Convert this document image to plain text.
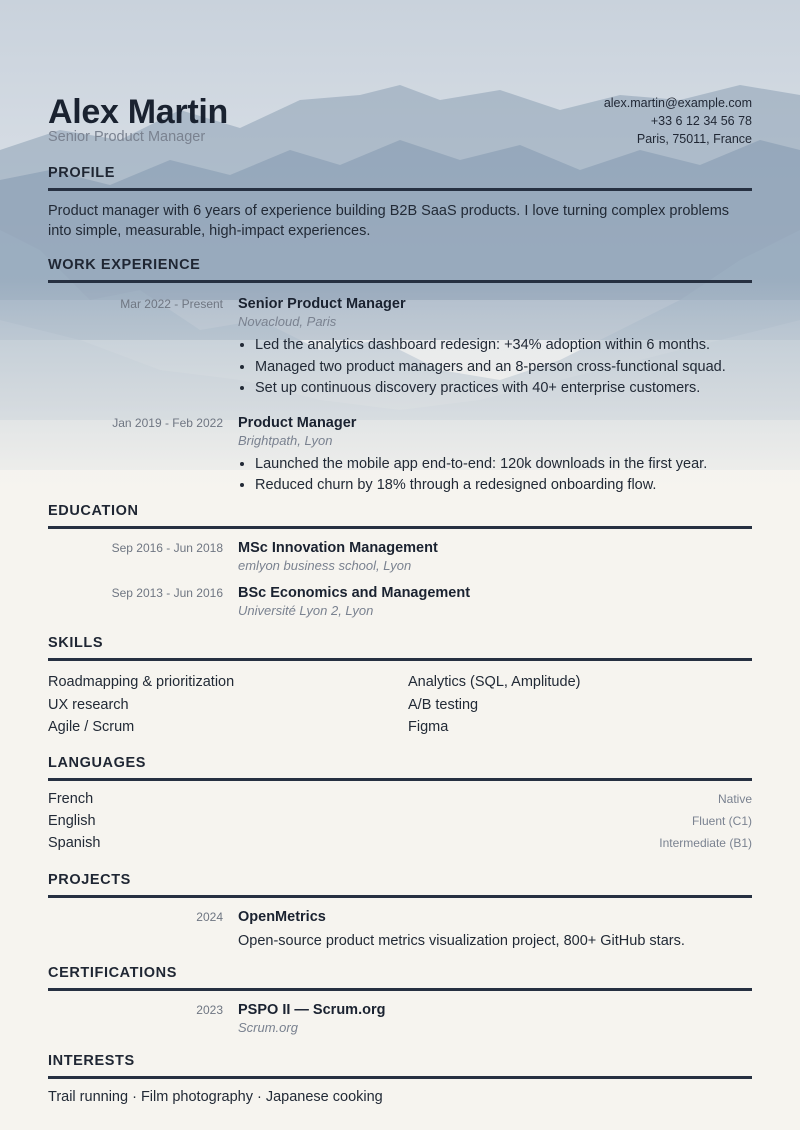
Alex Martin
Senior Product Manager
alex.martin@example.com
+33 6 12 34 56 78
Paris, 75011, France
PROFILE

Product manager with 6 years of experience building B2B SaaS products. I love turning complex problems into simple, measurable, high-impact experiences.

WORK EXPERIENCE
Mar 2022 - Present Senior Product Manager
Novacloud, Paris
• Led the analytics dashboard redesign: +34% adoption within 6 months.
• Managed two product managers and an 8-person cross-functional squad.
• Set up continuous discovery practices with 40+ enterprise customers.
Jan 2019 - Feb 2022 Product Manager
Brightpath, Lyon
• Launched the mobile app end-to-end: 120k downloads in the first year.
• Reduced churn by 18% through a redesigned onboarding flow.
EDUCATION
Sep 2016 - Jun 2018 MSc Innovation Management
emlyon business school, Lyon
Sep 2013 - Jun 2016 BSc Economics and Management
Université Lyon 2, Lyon
SKILLS
Roadmapping & prioritization	Analytics (SQL, Amplitude)
UX research	A/B testing
Agile / Scrum	Figma
LANGUAGES
French	Native
English	Fluent (C1)
Spanish	Intermediate (B1)
PROJECTS
2024 OpenMetrics
Open-source product metrics visualization project, 800+ GitHub stars.
CERTIFICATIONS
2023 PSPO II — Scrum.org
Scrum.org
INTERESTS
Trail running · Film photography · Japanese cooking
